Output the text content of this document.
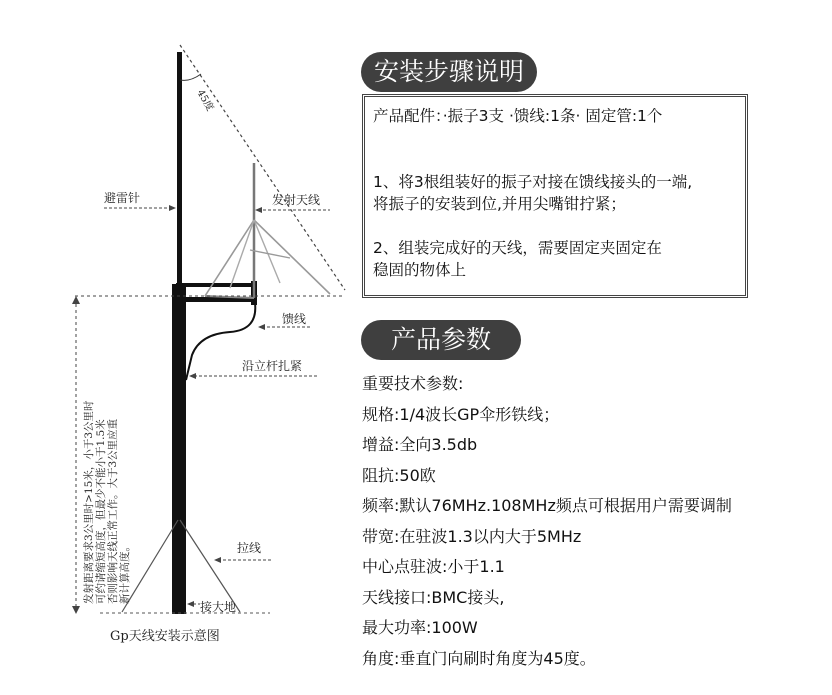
45度
发射距离要求3公里时>15米，小于3公里时 可约请缩短高度，但最少不能小于1.5米 否则影响天线正常工作。大于3公里应重 新计算高度。
避雷针	发射天线
馈线
沿立杆扎紧
拉线
接大地
Gp天线安装示意图
安装步骤说明

产品配件：·振子3支 ·馈线:1条· 固定管:1个

1、将3根组装好的振子对接在馈线接头的一端,

将振子的安装到位,并用尖嘴钳拧紧；

2、组装完成好的天线，需要固定夹固定在

稳固的物体上

产品参数
重要技术参数:
规格:1/4波长GP伞形铁线；
增益:全向3.5db
阻抗:50欧
频率:默认76MHz.108MHz频点可根据用户需要调制
带宽:在驻波1.3以内大于5MHz
中心点驻波:小于1.1
天线接口:BMC接头,
最大功率:100W
角度:垂直门向刷时角度为45度。
